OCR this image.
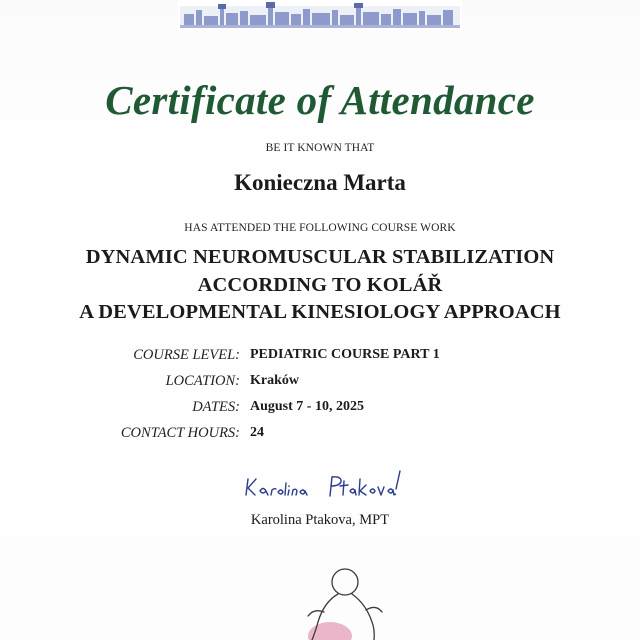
Certificate of Attendance
BE IT KNOWN THAT
Konieczna Marta
HAS ATTENDED THE FOLLOWING COURSE WORK
DYNAMIC NEUROMUSCULAR STABILIZATION
ACCORDING TO KOLÁŘ
A DEVELOPMENTAL KINESIOLOGY APPROACH
COURSE LEVEL: PEDIATRIC COURSE PART 1
LOCATION: Kraków
DATES: August 7 - 10, 2025
CONTACT HOURS: 24
Karolina Ptakova, MPT
